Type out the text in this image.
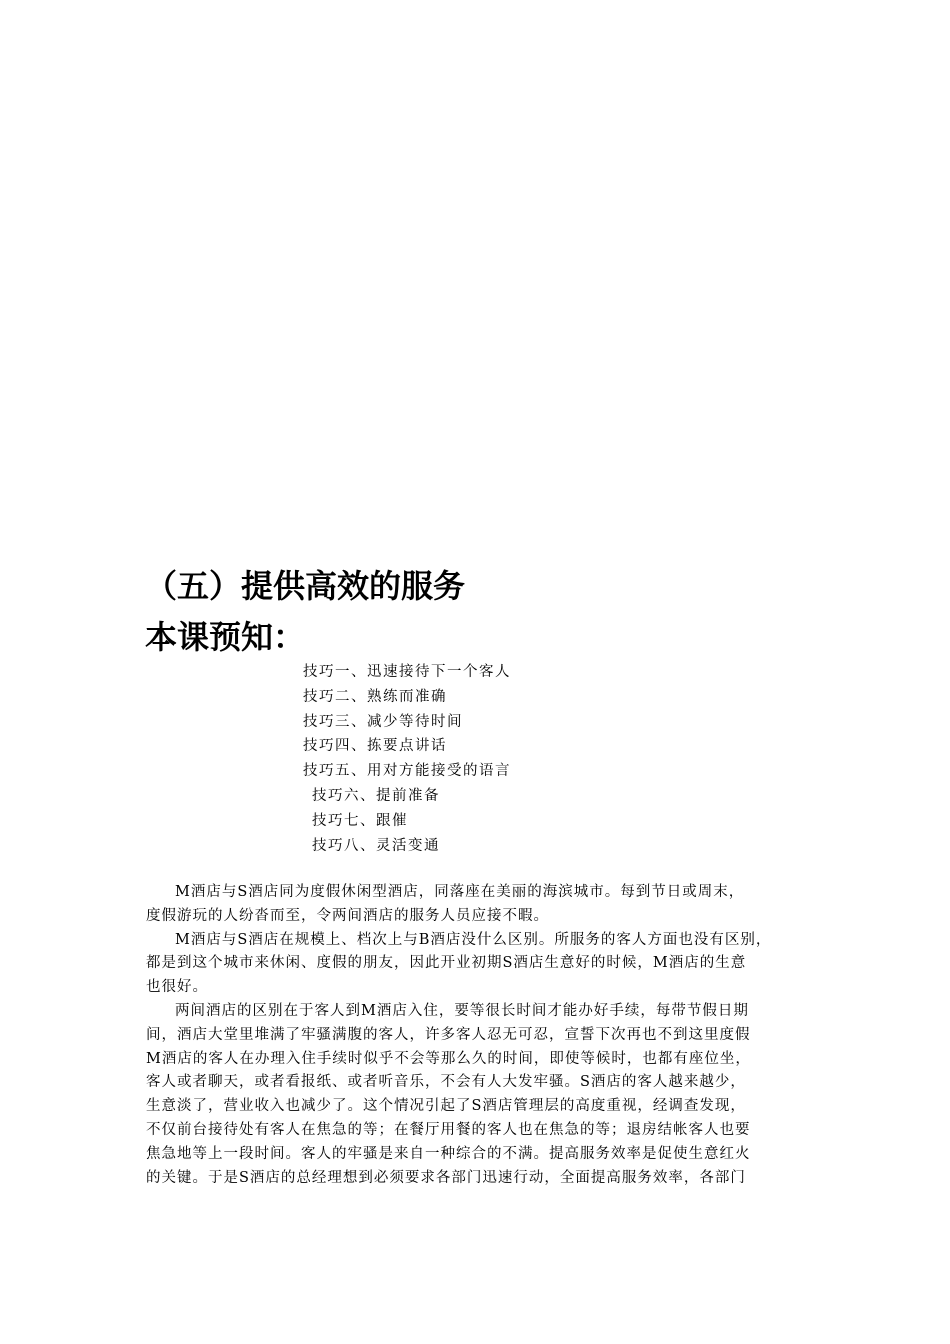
（五）提供高效的服务
本课预知：
技巧一、迅速接待下一个客人
技巧二、熟练而准确
技巧三、减少等待时间
技巧四、拣要点讲话
技巧五、用对方能接受的语言
技巧六、提前准备
技巧七、跟催
技巧八、灵活变通
M酒店与S酒店同为度假休闲型酒店，同落座在美丽的海滨城市。每到节日或周末，
度假游玩的人纷沓而至，令两间酒店的服务人员应接不暇。
M酒店与S酒店在规模上、档次上与B酒店没什么区别。所服务的客人方面也没有区别，
都是到这个城市来休闲、度假的朋友，因此开业初期S酒店生意好的时候，M酒店的生意
也很好。
两间酒店的区别在于客人到M酒店入住，要等很长时间才能办好手续，每带节假日期
间，酒店大堂里堆满了牢骚满腹的客人，许多客人忍无可忍，宣誓下次再也不到这里度假
M酒店的客人在办理入住手续时似乎不会等那么久的时间，即使等候时，也都有座位坐，
客人或者聊天，或者看报纸、或者听音乐，不会有人大发牢骚。S酒店的客人越来越少，
生意淡了，营业收入也减少了。这个情况引起了S酒店管理层的高度重视，经调查发现，
不仅前台接待处有客人在焦急的等；在餐厅用餐的客人也在焦急的等；退房结帐客人也要
焦急地等上一段时间。客人的牢骚是来自一种综合的不满。提高服务效率是促使生意红火
的关键。于是S酒店的总经理想到必须要求各部门迅速行动，全面提高服务效率，各部门
